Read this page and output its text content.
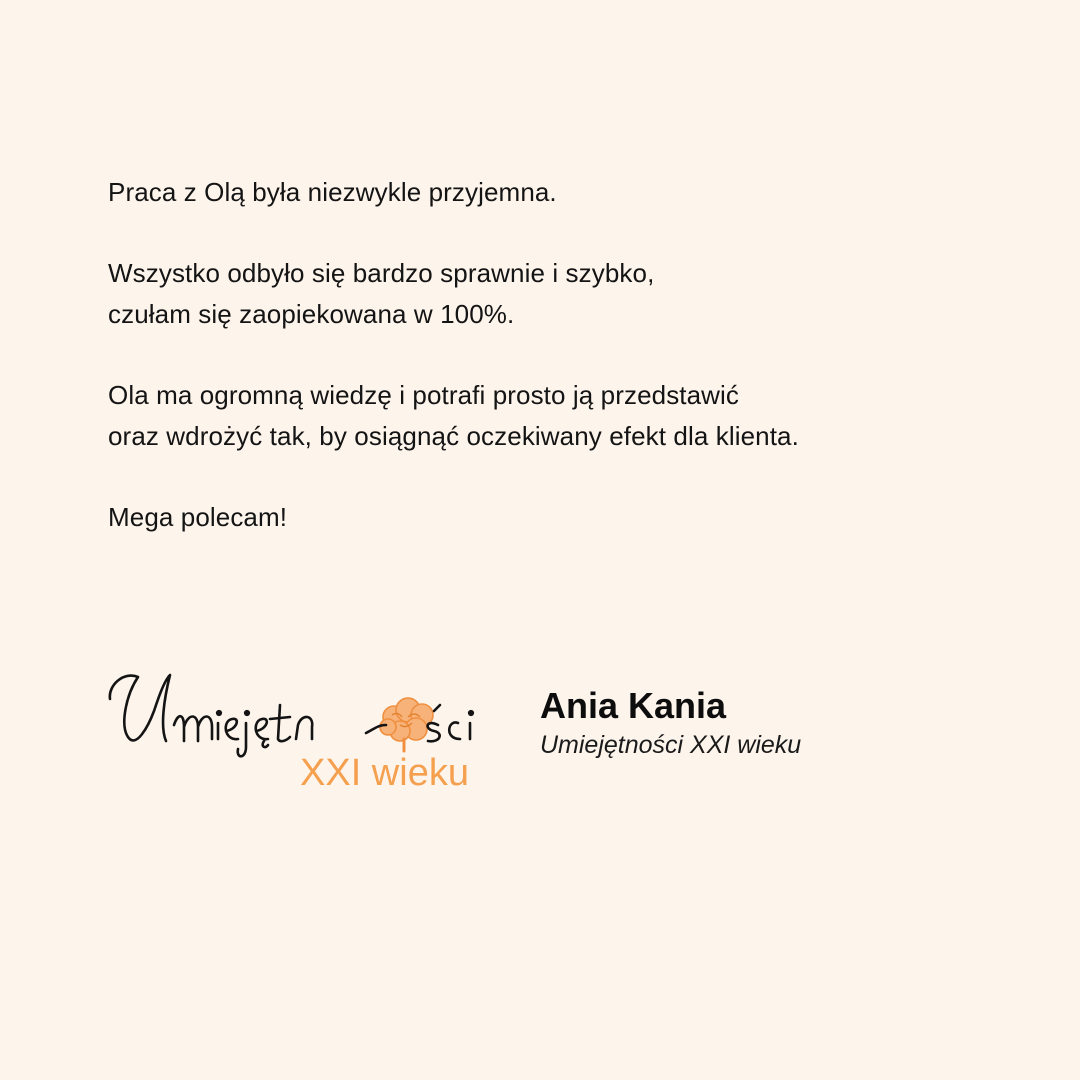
Praca z Olą była niezwykle przyjemna.

Wszystko odbyło się bardzo sprawnie i szybko,
czułam się zaopiekowana w 100%.

Ola ma ogromną wiedzę i potrafi prosto ją przedstawić
oraz wdrożyć tak, by osiągnąć oczekiwany efekt dla klienta.

Mega polecam!

XXI wieku
Ania Kania
Umiejętności XXI wieku
